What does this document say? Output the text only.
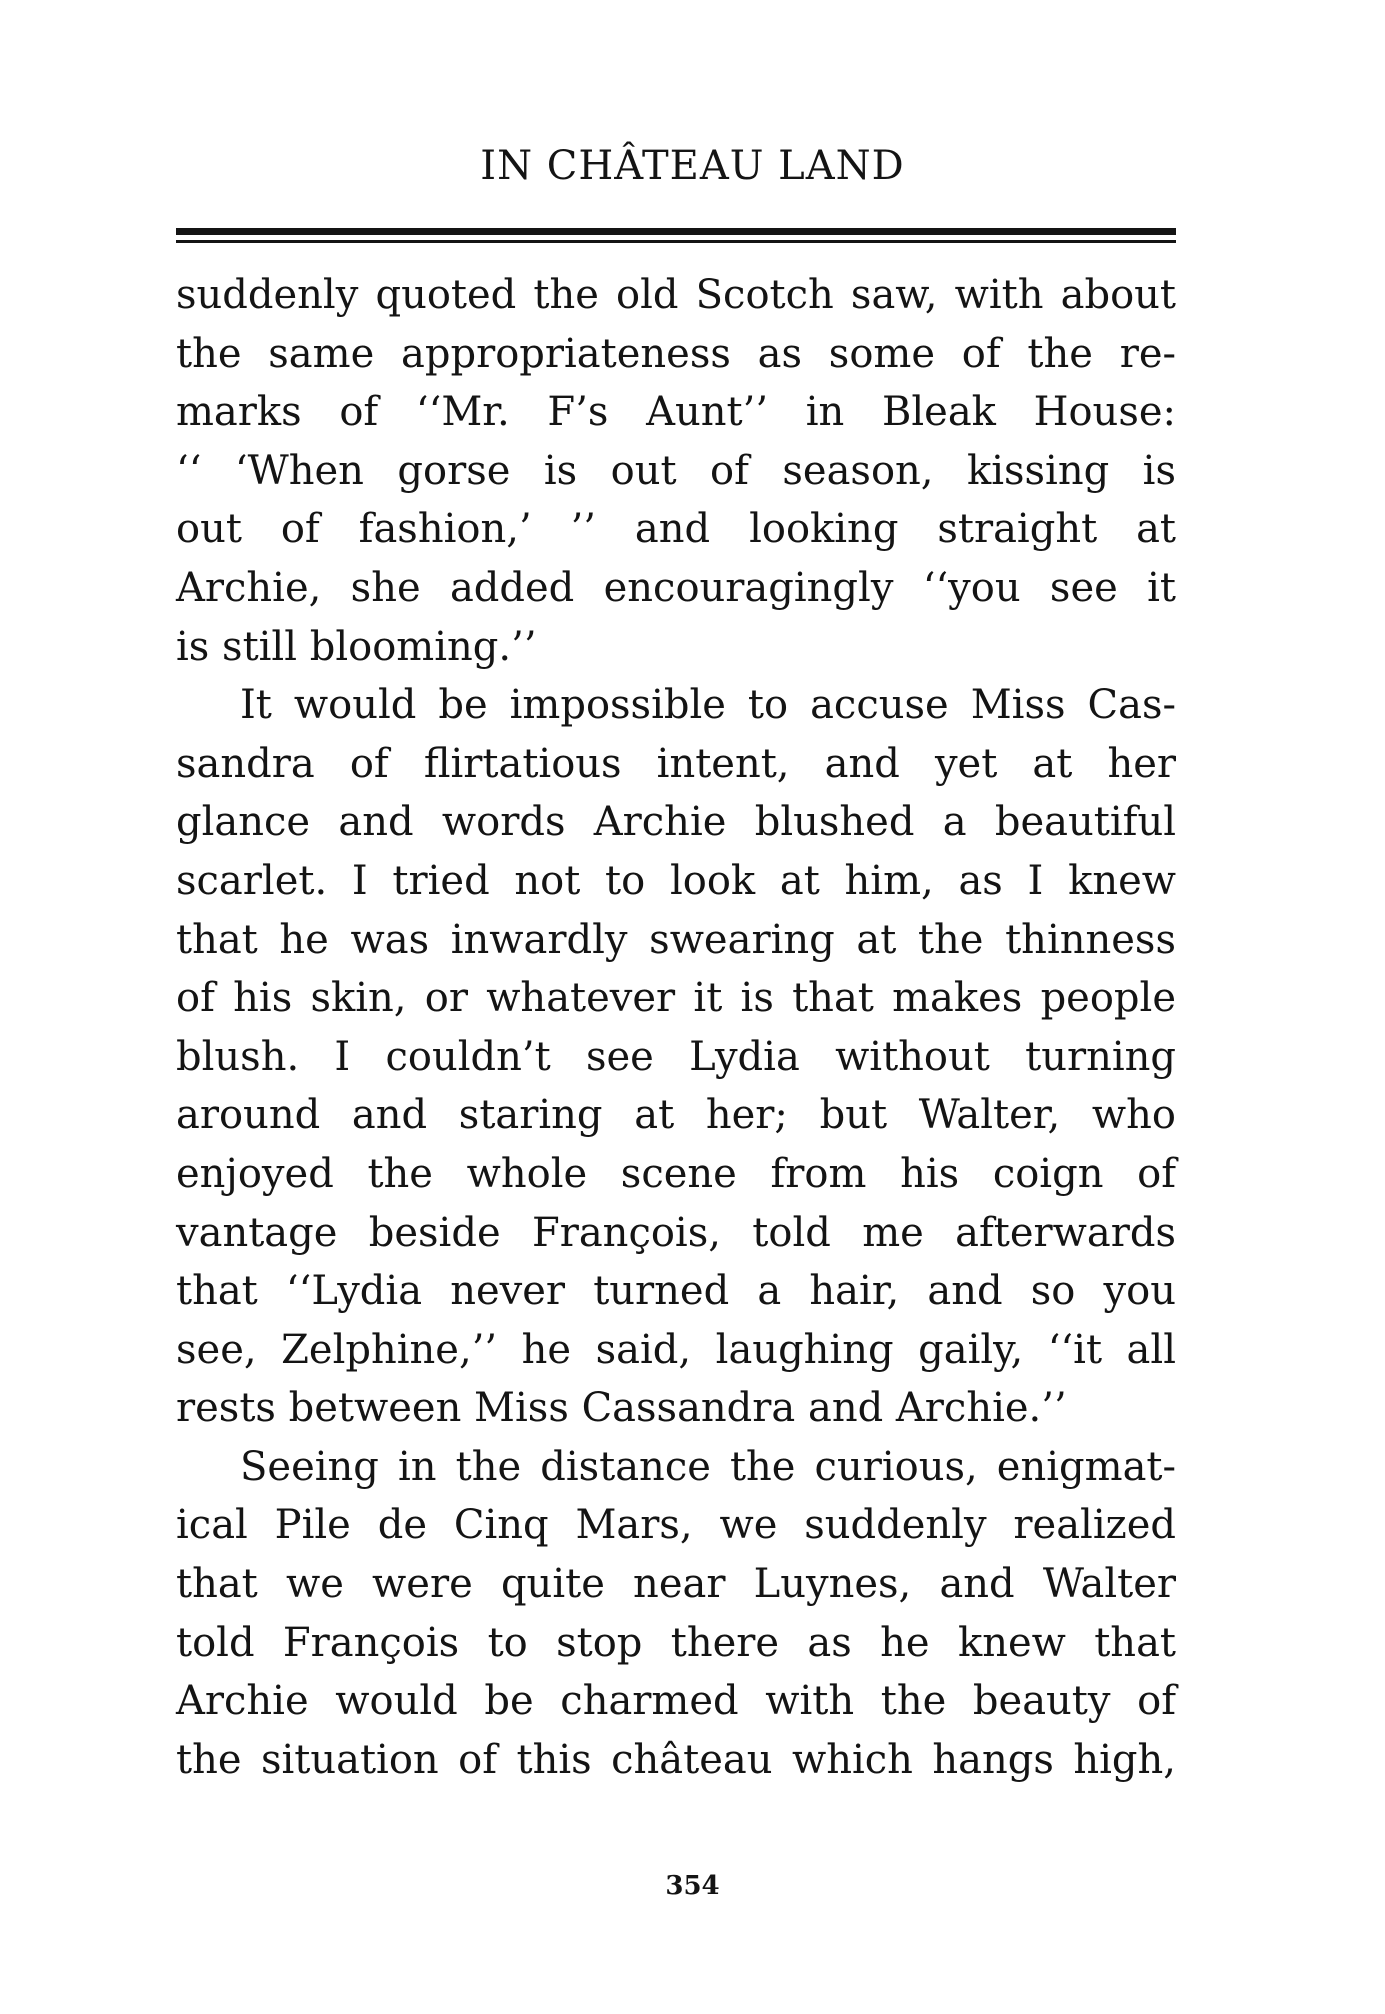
IN CHÂTEAU LAND
suddenly quoted the old Scotch saw, with about
the same appropriateness as some of the re-
marks of ‘‘Mr. F’s Aunt’’ in Bleak House:
‘‘ ‘When gorse is out of season, kissing is
out of fashion,’ ’’ and looking straight at
Archie, she added encouragingly ‘‘you see it
is still blooming.’’
It would be impossible to accuse Miss Cas-
sandra of flirtatious intent, and yet at her
glance and words Archie blushed a beautiful
scarlet. I tried not to look at him, as I knew
that he was inwardly swearing at the thinness
of his skin, or whatever it is that makes people
blush. I couldn’t see Lydia without turning
around and staring at her; but Walter, who
enjoyed the whole scene from his coign of
vantage beside François, told me afterwards
that ‘‘Lydia never turned a hair, and so you
see, Zelphine,’’ he said, laughing gaily, ‘‘it all
rests between Miss Cassandra and Archie.’’
Seeing in the distance the curious, enigmat-
ical Pile de Cinq Mars, we suddenly realized
that we were quite near Luynes, and Walter
told François to stop there as he knew that
Archie would be charmed with the beauty of
the situation of this château which hangs high,
354
